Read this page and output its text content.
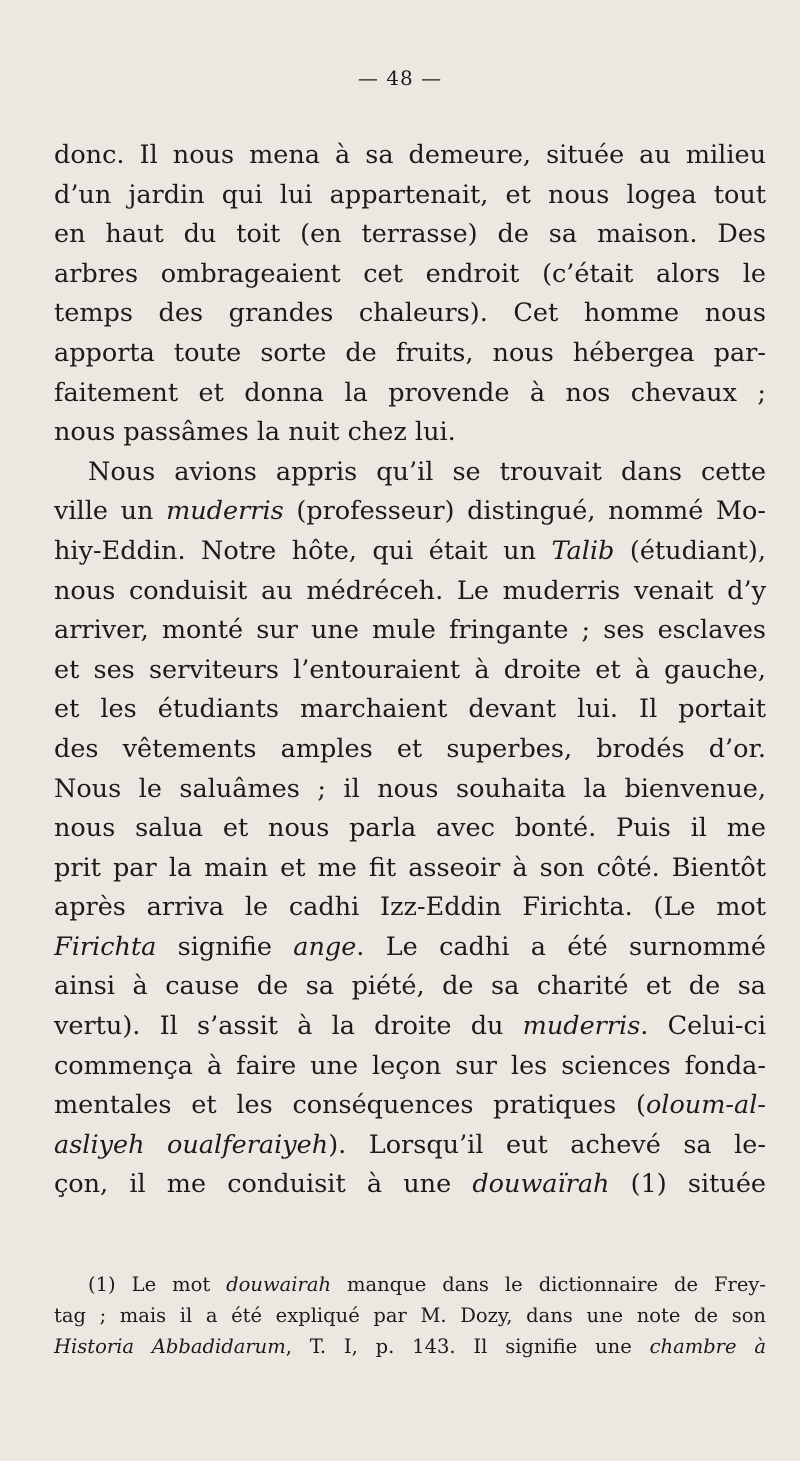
— 48 —
donc. Il nous mena à sa demeure, située au milieu
d’un jardin qui lui appartenait, et nous logea tout
en haut du toit (en terrasse) de sa maison. Des
arbres ombrageaient cet endroit (c’était alors le
temps des grandes chaleurs). Cet homme nous
apporta toute sorte de fruits, nous hébergea par-
faitement et donna la provende à nos chevaux ;
nous passâmes la nuit chez lui.
Nous avions appris qu’il se trouvait dans cette
ville un muderris (professeur) distingué, nommé Mo-
hiy-Eddin. Notre hôte, qui était un Talib (étudiant),
nous conduisit au médréceh. Le muderris venait d’y
arriver, monté sur une mule fringante ; ses esclaves
et ses serviteurs l’entouraient à droite et à gauche,
et les étudiants marchaient devant lui. Il portait
des vêtements amples et superbes, brodés d’or.
Nous le saluâmes ; il nous souhaita la bienvenue,
nous salua et nous parla avec bonté. Puis il me
prit par la main et me fit asseoir à son côté. Bientôt
après arriva le cadhi Izz-Eddin Firichta. (Le mot
Firichta signifie ange. Le cadhi a été surnommé
ainsi à cause de sa piété, de sa charité et de sa
vertu). Il s’assit à la droite du muderris. Celui-ci
commença à faire une leçon sur les sciences fonda-
mentales et les conséquences pratiques (oloum-al-
asliyeh oualferaiyeh). Lorsqu’il eut achevé sa le-
çon, il me conduisit à une douwaïrah (1) située
(1) Le mot douwairah manque dans le dictionnaire de Frey-
tag ; mais il a été expliqué par M. Dozy, dans une note de son
Historia Abbadidarum, T. I, p. 143. Il signifie une chambre à
